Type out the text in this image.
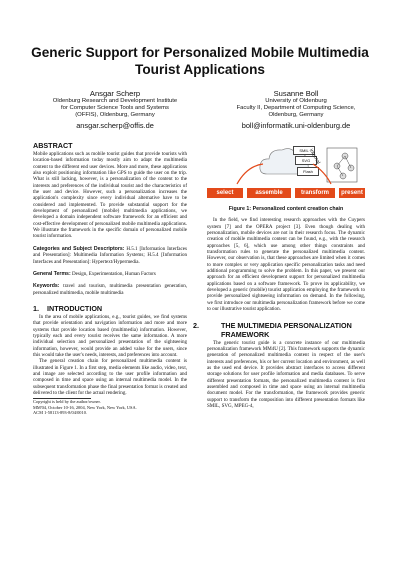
Generic Support for Personalized Mobile Multimedia Tourist Applications
Ansgar Scherp
Oldenburg Research and Development Institute
for Computer Science Tools and Systems
(OFFIS), Oldenburg, Germany
ansgar.scherp@offis.de
Susanne Boll
University of Oldenburg
Faculty II, Department of Computing Science,
Oldenburg, Germany
boll@informatik.uni-oldenburg.de
ABSTRACT

Mobile applications such as mobile tourist guides that provide tourists with location-based information today mostly aim to adapt the multimedia content to the different end user devices. More and more, these applications also exploit positioning information like GPS to guide the user on the trip. What is still lacking, however, is a personalization of the content to the interests and preferences of the individual tourist and the characteristics of the user and device. However, such a personalization increases the application's complexity since every individual alternative have to be considered and implemented. To provide substantial support for the development of personalized (mobile) multimedia applications, we developed a domain independent software framework for an efficient and cost-effective development of personalized mobile multimedia applications. We illustrate the framework in the specific domain of personalized mobile tourist information.

Categories and Subject Descriptors: H.5.1 [Information Interfaces and Presentation]: Multimedia Information Systems; H.5.4 [Information Interfaces and Presentation]: Hypertext/Hypermedia.

General Terms: Design, Experimentation, Human Factors

Keywords: travel and tourism, multimedia presentation generation, personalized multimedia, mobile multimedia

1. INTRODUCTION

In the area of mobile applications, e.g., tourist guides, we find systems that provide orientation and navigation information and more and more systems that provide location based (multimedia) information. However, typically each and every tourist receives the same information. A more individual selection and personalized presentation of the sightseeing information, however, would provide an added value for the users, since this would take the user's needs, interests, and preferences into account.

The general creation chain for personalized multimedia content is illustrated in Figure 1. In a first step, media elements like audio, video, text, and image are selected according to the user profile information and composed in time and space using an internal multimedia model. In the subsequent transformation phase the final presentation format is created and delivered to the client for the actual rendering.

Copyright is held by the author/owner.
MM'04, October 10-16, 2004, New York, New York, USA.
ACM 1-58113-893-8/04/0010.
SMIL
SVG
Flash
internal
select	assemble	transform	present
Figure 1: Personalized content creation chain

In the field, we find interesting research approaches with the Cuypers system [7] and the OPERA project [3]. Even though dealing with personalization, mobile devices are not in their research focus. The dynamic creation of mobile multimedia content can be found, e.g., with the research approaches [5, 6], which use among other things constraints and transformation rules to generate the personalized multimedia content. However, our observation is, that these approaches are limited when it comes to more complex or very application specific personalization tasks and need additional programming to solve the problem. In this paper, we present our approach for an efficient development support for personalized multimedia applications based on a software framework. To prove its applicability, we developed a generic (mobile) tourist application employing the framework to provide personalized sightseeing information on demand. In the following, we first introduce our multimedia personalization framework before we come to our illustrative tourist application.

2.	THE MULTIMEDIA PERSONALIZATION FRAMEWORK

The generic tourist guide is a concrete instance of our multimedia personalization framework MM4U [2]. This framework supports the dynamic generation of personalized multimedia content in respect of the user's interests and preferences, his or her current location and environment, as well as the used end device. It provides abstract interfaces to access different storage solutions for user profile information and media databases. To serve different presentation formats, the personalized multimedia content is first assembled and composed in time and space using an internal multimedia document model. For the transformation, the framework provides generic support to transform the composition into different presentation formats like SMIL, SVG, MPEG-4,
